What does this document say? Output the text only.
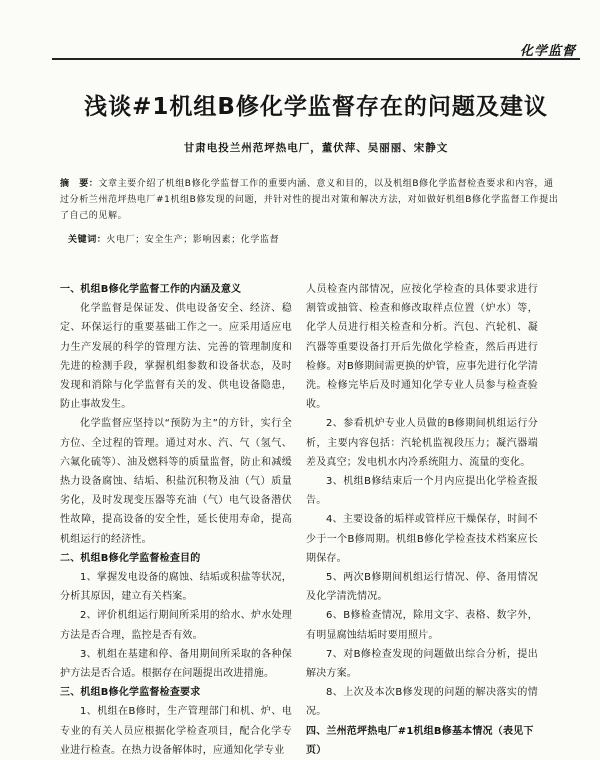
化学监督
浅谈#1机组B修化学监督存在的问题及建议
甘肃电投兰州范坪热电厂，董伏萍、吴丽丽、宋静文
摘　要：文章主要介绍了机组B修化学监督工作的重要内涵、意义和目的，以及机组B修化学监督检查要求和内容，通过分析兰州范坪热电厂#1机组B修发现的问题，并针对性的提出对策和解决方法，对如做好机组B修化学监督工作提出了自己的见解。
关键词：火电厂；安全生产；影响因素；化学监督
一、机组B修化学监督工作的内涵及意义

化学监督是保证发、供电设备安全、经济、稳定、环保运行的重要基础工作之一。应采用适应电力生产发展的科学的管理方法、完善的管理制度和先进的检测手段，掌握机组参数和设备状态，及时发现和消除与化学监督有关的发、供电设备隐患，防止事故发生。

化学监督应坚持以“预防为主”的方针，实行全方位、全过程的管理。通过对水、汽、气（氢气、六氟化硫等）、油及燃料等的质量监督，防止和减缓热力设备腐蚀、结垢、积盐沉积物及油（气）质量劣化，及时发现变压器等充油（气）电气设备潜伏性故障，提高设备的安全性，延长使用寿命，提高机组运行的经济性。

二、机组B修化学监督检查目的

1、掌握发电设备的腐蚀、结垢或积盐等状况，分析其原因，建立有关档案。

2、评价机组运行期间所采用的给水、炉水处理方法是否合理，监控是否有效。

3、机组在基建和停、备用期间所采取的各种保护方法是否合适。根据存在问题提出改进措施。

三、机组B修化学监督检查要求

1、机组在B修时，生产管理部门和机、炉、电专业的有关人员应根据化学检查项目，配合化学专业进行检查。在热力设备解体时，应通知化学专业

人员检查内部情况，应按化学检查的具体要求进行割管或抽管、检查和修改取样点位置（炉水）等，化学人员进行相关检查和分析。汽包、汽轮机、凝汽器等重要设备打开后先做化学检查，然后再进行检修。对B修期间需更换的炉管，应事先进行化学清洗。检修完毕后及时通知化学专业人员参与检查验收。

2、参看机炉专业人员做的B修期间机组运行分析，主要内容包括：汽轮机监视段压力；凝汽器端差及真空；发电机水内冷系统阻力、流量的变化。

3、机组B修结束后一个月内应提出化学检查报告。

4、主要设备的垢样或管样应干燥保存，时间不少于一个B修周期。机组B修化学检查技术档案应长期保存。

5、两次B修期间机组运行情况、停、备用情况及化学清洗情况。

6、B修检查情况，除用文字、表格、数字外，有明显腐蚀结垢时要用照片。

7、对B修检查发现的问题做出综合分析，提出解决方案。

8、上次及本次B修发现的问题的解决落实的情况。

四、兰州范坪热电厂#1机组B修基本情况（表见下页）
